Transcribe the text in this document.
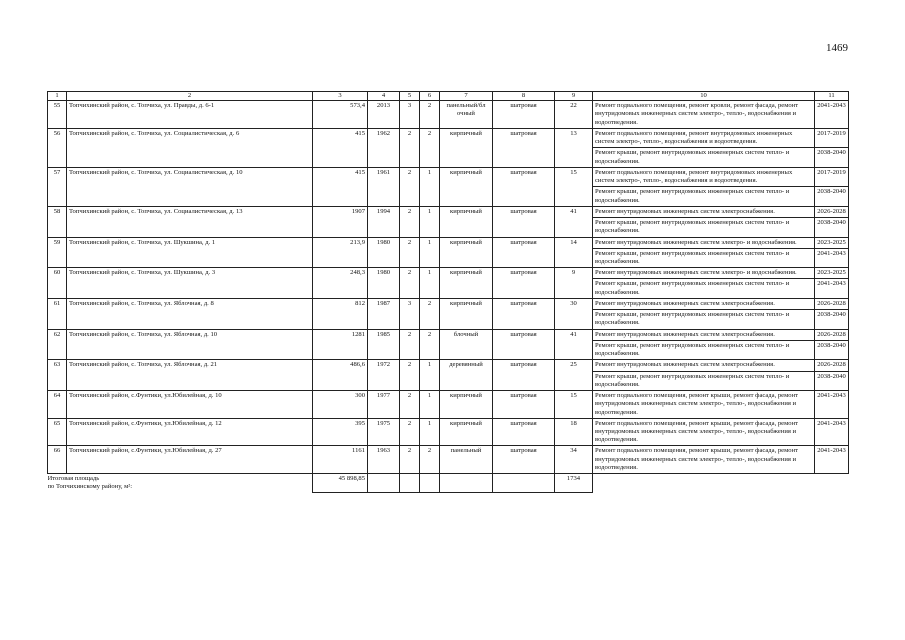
1469
1	2	3	4	5	6	7	8	9	10	11
55	Топчихинский район, с. Топчиха, ул. Правды, д. 6-1	573,4	2013	3	2	панельный/бл очный	шатровая	22	Ремонт подвального помещения, ремонт кровли, ремонт фасада, ремонт внутридомовых инженерных систем электро-, тепло-, водоснабжения и водоотведения.	2041-2043
56	Топчихинский район, с. Топчиха, ул. Социалистическая, д. 6	415	1962	2	2	кирпичный	шатровая	13	Ремонт подвального помещения, ремонт внутридомовых инженерных систем электро-, тепло-, водоснабжения и водоотведения.	2017-2019
									Ремонт крыши, ремонт внутридомовых инженерных систем тепло- и водоснабжения.	2038-2040
57	Топчихинский район, с. Топчиха, ул. Социалистическая, д. 10	415	1961	2	1	кирпичный	шатровая	15	Ремонт подвального помещения, ремонт внутридомовых инженерных систем электро-, тепло-, водоснабжения и водоотведения.	2017-2019
									Ремонт крыши, ремонт внутридомовых инженерных систем тепло- и водоснабжения.	2038-2040
58	Топчихинский район, с. Топчиха, ул. Социалистическая, д. 13	1907	1994	2	1	кирпичный	шатровая	41	Ремонт внутридомовых инженерных систем электроснабжения.	2026-2028
									Ремонт крыши, ремонт внутридомовых инженерных систем тепло- и водоснабжения.	2038-2040
59	Топчихинский район, с. Топчиха, ул. Шукшина, д. 1	213,9	1980	2	1	кирпичный	шатровая	14	Ремонт внутридомовых инженерных систем электро- и водоснабжения.	2023-2025
									Ремонт крыши, ремонт внутридомовых инженерных систем тепло- и водоснабжения.	2041-2043
60	Топчихинский район, с. Топчиха, ул. Шукшина, д. 3	248,3	1980	2	1	кирпичный	шатровая	9	Ремонт внутридомовых инженерных систем электро- и водоснабжения.	2023-2025
									Ремонт крыши, ремонт внутридомовых инженерных систем тепло- и водоснабжения.	2041-2043
61	Топчихинский район, с. Топчиха, ул. Яблочная, д. 8	812	1987	3	2	кирпичный	шатровая	30	Ремонт внутридомовых инженерных систем электроснабжения.	2026-2028
									Ремонт крыши, ремонт внутридомовых инженерных систем тепло- и водоснабжения.	2038-2040
62	Топчихинский район, с. Топчиха, ул. Яблочная, д. 10	1281	1985	2	2	блочный	шатровая	41	Ремонт внутридомовых инженерных систем электроснабжения.	2026-2028
									Ремонт крыши, ремонт внутридомовых инженерных систем тепло- и водоснабжения.	2038-2040
63	Топчихинский район, с. Топчиха, ул. Яблочная, д. 21	486,6	1972	2	1	деревянный	шатровая	25	Ремонт внутридомовых инженерных систем электроснабжения.	2026-2028
									Ремонт крыши, ремонт внутридомовых инженерных систем тепло- и водоснабжения.	2038-2040
64	Топчихинский район, с.Фунтики, ул.Юбилейная, д. 10	300	1977	2	1	кирпичный	шатровая	15	Ремонт подвального помещения, ремонт крыши, ремонт фасада, ремонт внутридомовых инженерных систем электро-, тепло-, водоснабжения и водоотведения.	2041-2043
65	Топчихинский район, с.Фунтики, ул.Юбилейная, д. 12	395	1975	2	1	кирпичный	шатровая	18	Ремонт подвального помещения, ремонт крыши, ремонт фасада, ремонт внутридомовых инженерных систем электро-, тепло-, водоснабжения и водоотведения.	2041-2043
66	Топчихинский район, с.Фунтики, ул.Юбилейная, д. 27	1161	1963	2	2	панельный	шатровая	34	Ремонт подвального помещения, ремонт крыши, ремонт фасада, ремонт внутридомовых инженерных систем электро-, тепло-, водоснабжения и водоотведения.	2041-2043

Итоговая площадь
по Топчихинскому району, м²:		45 898,85						1734		
